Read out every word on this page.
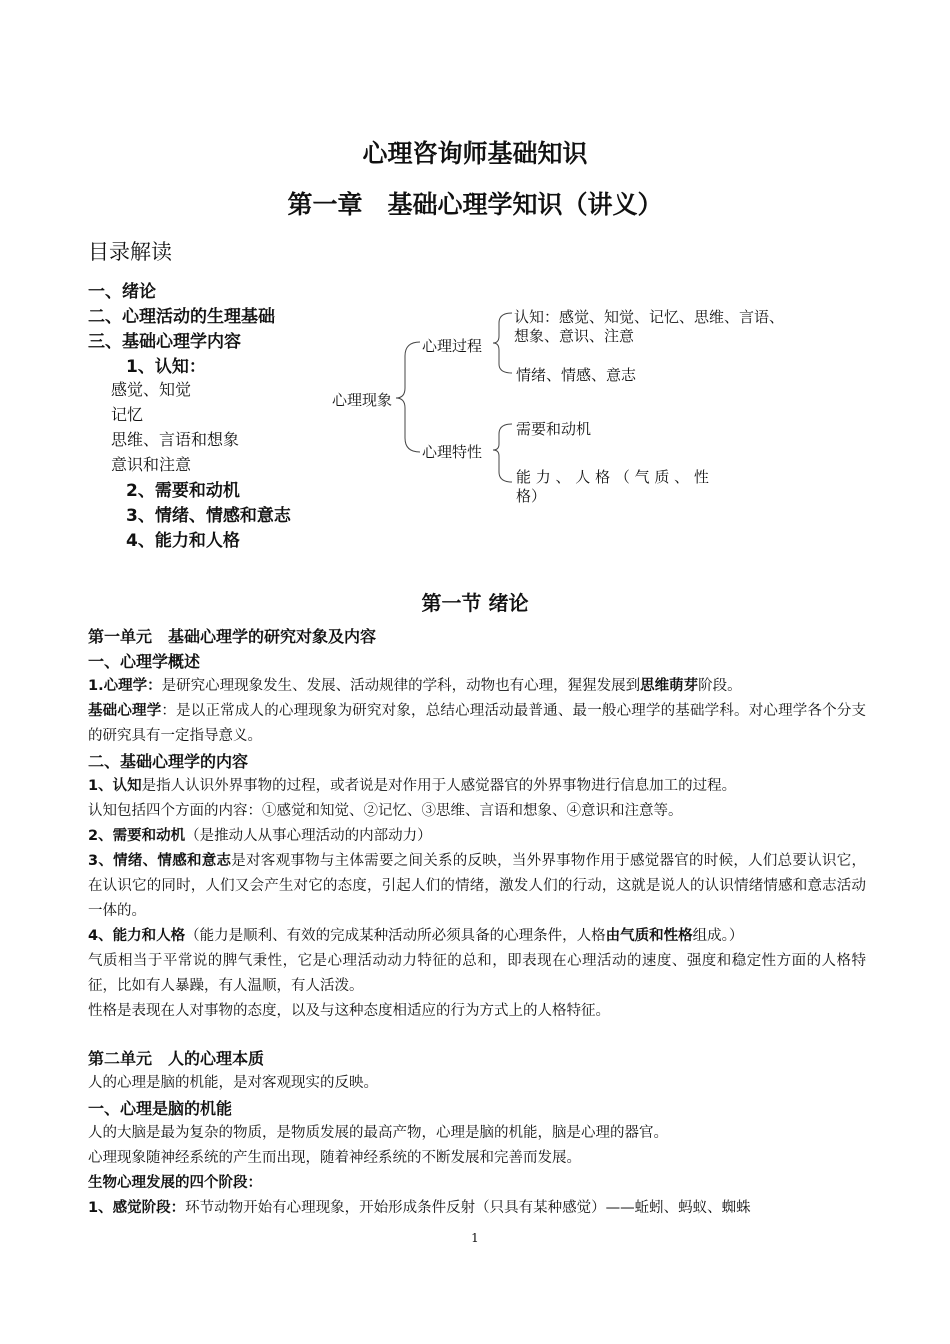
心理咨询师基础知识
第一章　基础心理学知识（讲义）
目录解读
一、绪论
二、心理活动的生理基础
三、基础心理学内容
1、认知：
感觉、知觉
记忆
思维、言语和想象
意识和注意
2、需要和动机
3、情绪、情感和意志
4、能力和人格
心理现象
心理过程
心理特性
认知：感觉、知觉、记忆、思维、言语、
想象、意识、注意
情绪、情感、意志
需要和动机
能 力 、 人 格 （ 气 质 、 性
格）
第一节 绪论

第一单元　基础心理学的研究对象及内容

一、心理学概述

1.心理学：是研究心理现象发生、发展、活动规律的学科，动物也有心理，猩猩发展到思维萌芽阶段。

基础心理学：是以正常成人的心理现象为研究对象，总结心理活动最普通、最一般心理学的基础学科。对心理学各个分支的研究具有一定指导意义。

二、基础心理学的内容

1、认知是指人认识外界事物的过程，或者说是对作用于人感觉器官的外界事物进行信息加工的过程。

认知包括四个方面的内容：①感觉和知觉、②记忆、③思维、言语和想象、④意识和注意等。

2、需要和动机（是推动人从事心理活动的内部动力）

3、情绪、情感和意志是对客观事物与主体需要之间关系的反映，当外界事物作用于感觉器官的时候，人们总要认识它，在认识它的同时，人们又会产生对它的态度，引起人们的情绪，激发人们的行动，这就是说人的认识情绪情感和意志活动一体的。

4、能力和人格（能力是顺利、有效的完成某种活动所必须具备的心理条件，人格由气质和性格组成。）

气质相当于平常说的脾气秉性，它是心理活动动力特征的总和，即表现在心理活动的速度、强度和稳定性方面的人格特征，比如有人暴躁，有人温顺，有人活泼。

性格是表现在人对事物的态度，以及与这种态度相适应的行为方式上的人格特征。

第二单元　人的心理本质

人的心理是脑的机能，是对客观现实的反映。

一、心理是脑的机能

人的大脑是最为复杂的物质，是物质发展的最高产物，心理是脑的机能，脑是心理的器官。

心理现象随神经系统的产生而出现，随着神经系统的不断发展和完善而发展。

生物心理发展的四个阶段：

1、感觉阶段：环节动物开始有心理现象，开始形成条件反射（只具有某种感觉）——蚯蚓、蚂蚁、蜘蛛

1
